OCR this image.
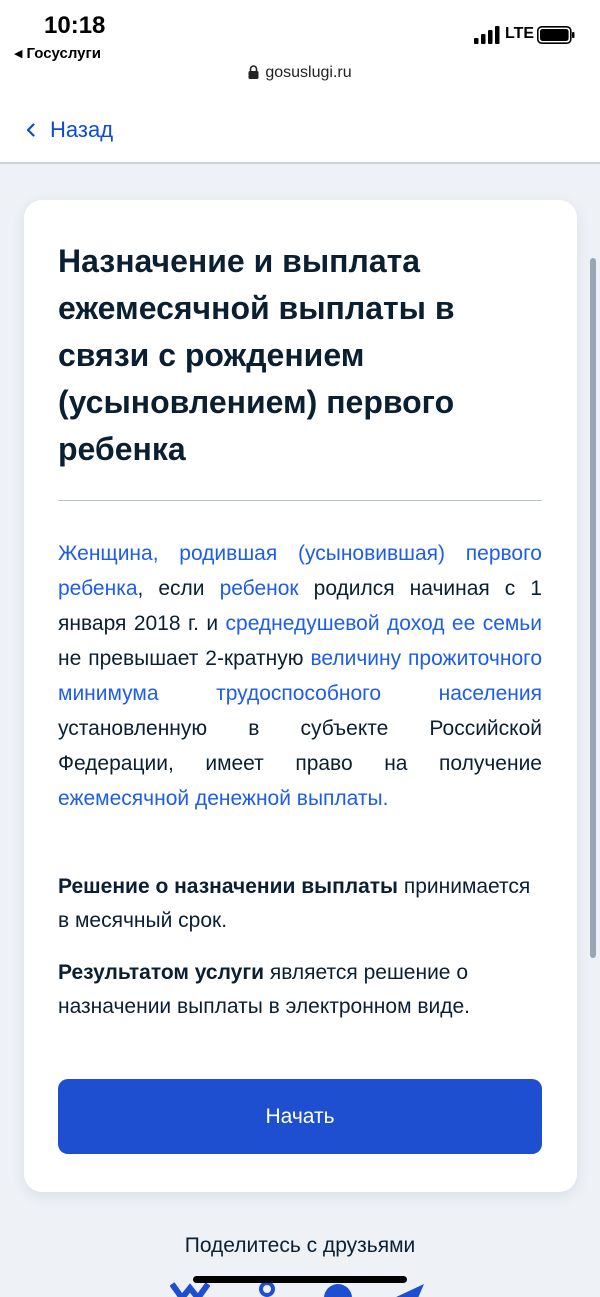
10:18
◀ Госуслуги
LTE
gosuslugi.ru
Назад
Назначение и выплата ежемесячной выплаты в связи с рождением (усыновлением) первого ребенка

Женщина, родившая (усыновившая) первого ребенка, если ребенок родился начиная с 1 января 2018 г. и среднедушевой доход ее семьи не превышает 2-кратную величину прожиточного минимума трудоспособного населения установленную в субъекте Российской Федерации, имеет право на получение ежемесячной денежной выплаты.

Решение о назначении выплаты принимается в месячный срок.

Результатом услуги является решение о назначении выплаты в электронном виде.

Начать
Поделитесь с друзьями
